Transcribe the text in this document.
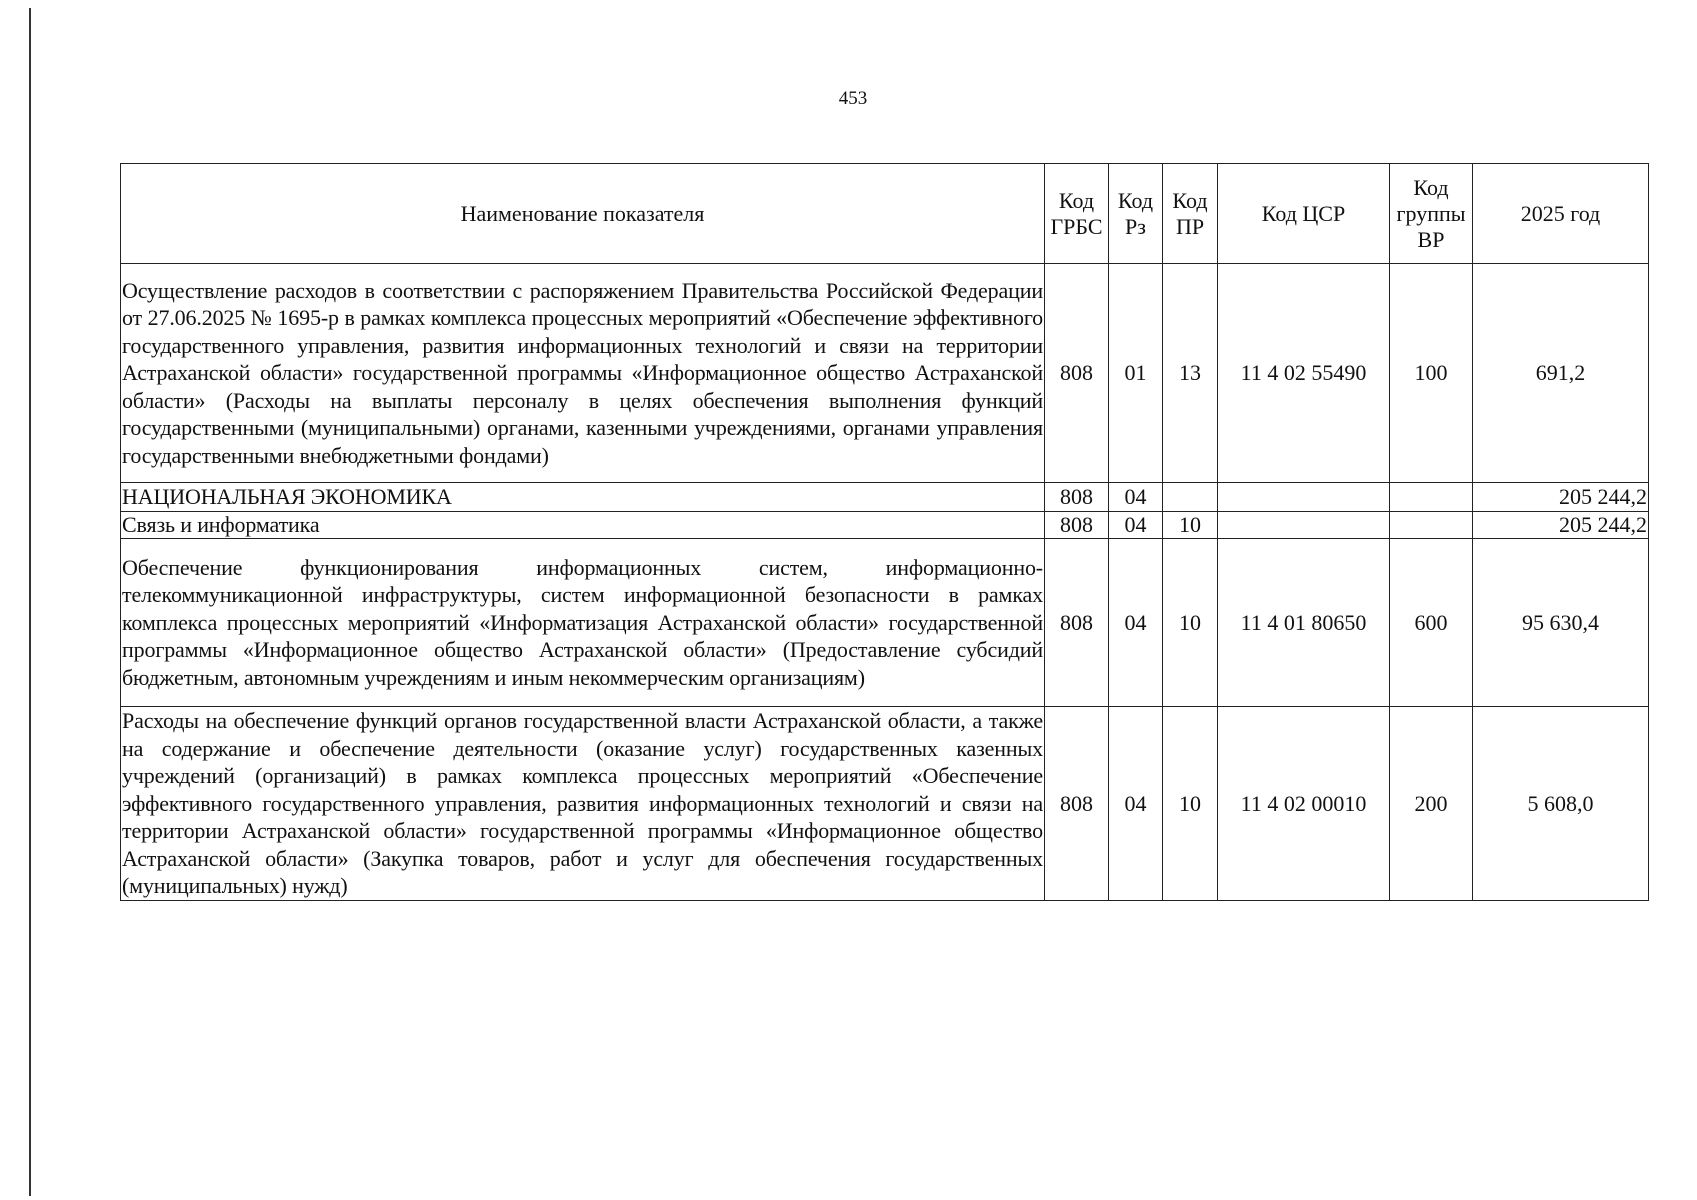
453
Наименование показателя	Код ГРБС	Код Рз	Код ПР	Код ЦСР	Код группы ВР	2025 год
Осуществление расходов в соответствии с распоряжением Правительства Российской Федерации от 27.06.2025 № 1695-р в рамках комплекса процессных мероприятий «Обеспечение эффективного государственного управления, развития информационных технологий и связи на территории Астраханской области» государственной программы «Информационное общество Астраханской области» (Расходы на выплаты персоналу в целях обеспечения выполнения функций государственными (муниципальными) органами, казенными учреждениями, органами управления государственными внебюджетными фондами)	808	01	13	11 4 02 55490	100	691,2
НАЦИОНАЛЬНАЯ ЭКОНОМИКА	808	04				205 244,2
Связь и информатика	808	04	10			205 244,2
Обеспечение функционирования информационных систем, информационно-телекоммуникационной инфраструктуры, систем информационной безопасности в рамках комплекса процессных мероприятий «Информатизация Астраханской области» государственной программы «Информационное общество Астраханской области» (Предоставление субсидий бюджетным, автономным учреждениям и иным некоммерческим организациям)	808	04	10	11 4 01 80650	600	95 630,4
Расходы на обеспечение функций органов государственной власти Астраханской области, а также на содержание и обеспечение деятельности (оказание услуг) государственных казенных учреждений (организаций) в рамках комплекса процессных мероприятий «Обеспечение эффективного государственного управления, развития информационных технологий и связи на территории Астраханской области» государственной программы «Информационное общество Астраханской области» (Закупка товаров, работ и услуг для обеспечения государственных (муниципальных) нужд)	808	04	10	11 4 02 00010	200	5 608,0
